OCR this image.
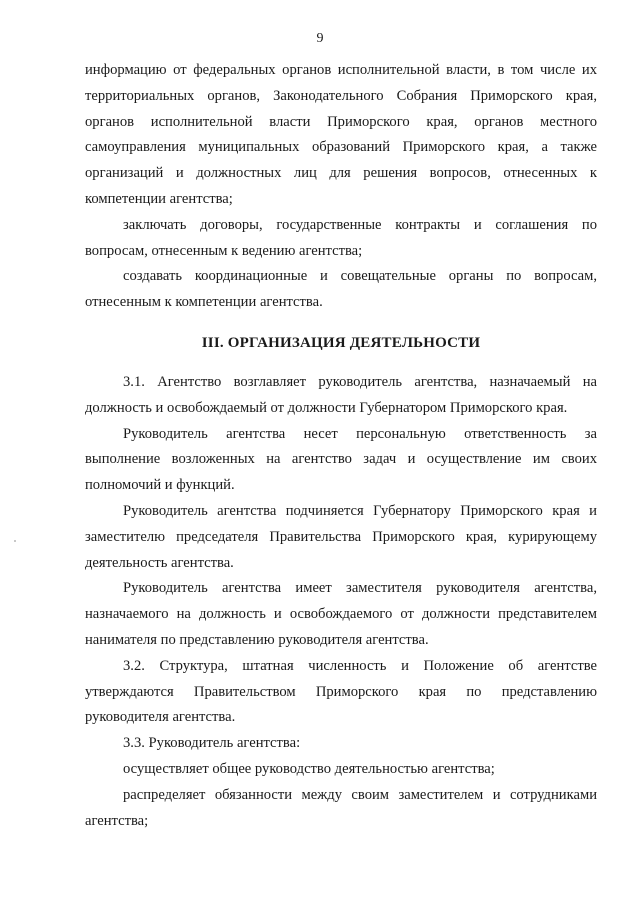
9

информацию от федеральных органов исполнительной власти, в том числе их территориальных органов, Законодательного Собрания Приморского края, органов исполнительной власти Приморского края, органов местного самоуправления муниципальных образований Приморского края, а также организаций и должностных лиц для решения вопросов, отнесенных к компетенции агентства;

заключать договоры, государственные контракты и соглашения по вопросам, отнесенным к ведению агентства;

создавать координационные и совещательные органы по вопросам, отнесенным к компетенции агентства.

III. ОРГАНИЗАЦИЯ ДЕЯТЕЛЬНОСТИ

3.1. Агентство возглавляет руководитель агентства, назначаемый на должность и освобождаемый от должности Губернатором Приморского края.

Руководитель агентства несет персональную ответственность за выполнение возложенных на агентство задач и осуществление им своих полномочий и функций.

Руководитель агентства подчиняется Губернатору Приморского края и заместителю председателя Правительства Приморского края, курирующему деятельность агентства.

Руководитель агентства имеет заместителя руководителя агентства, назначаемого на должность и освобождаемого от должности представителем нанимателя по представлению руководителя агентства.

3.2. Структура, штатная численность и Положение об агентстве утверждаются Правительством Приморского края по представлению руководителя агентства.

3.3. Руководитель агентства:

осуществляет общее руководство деятельностью агентства;

распределяет обязанности между своим заместителем и сотрудниками агентства;
